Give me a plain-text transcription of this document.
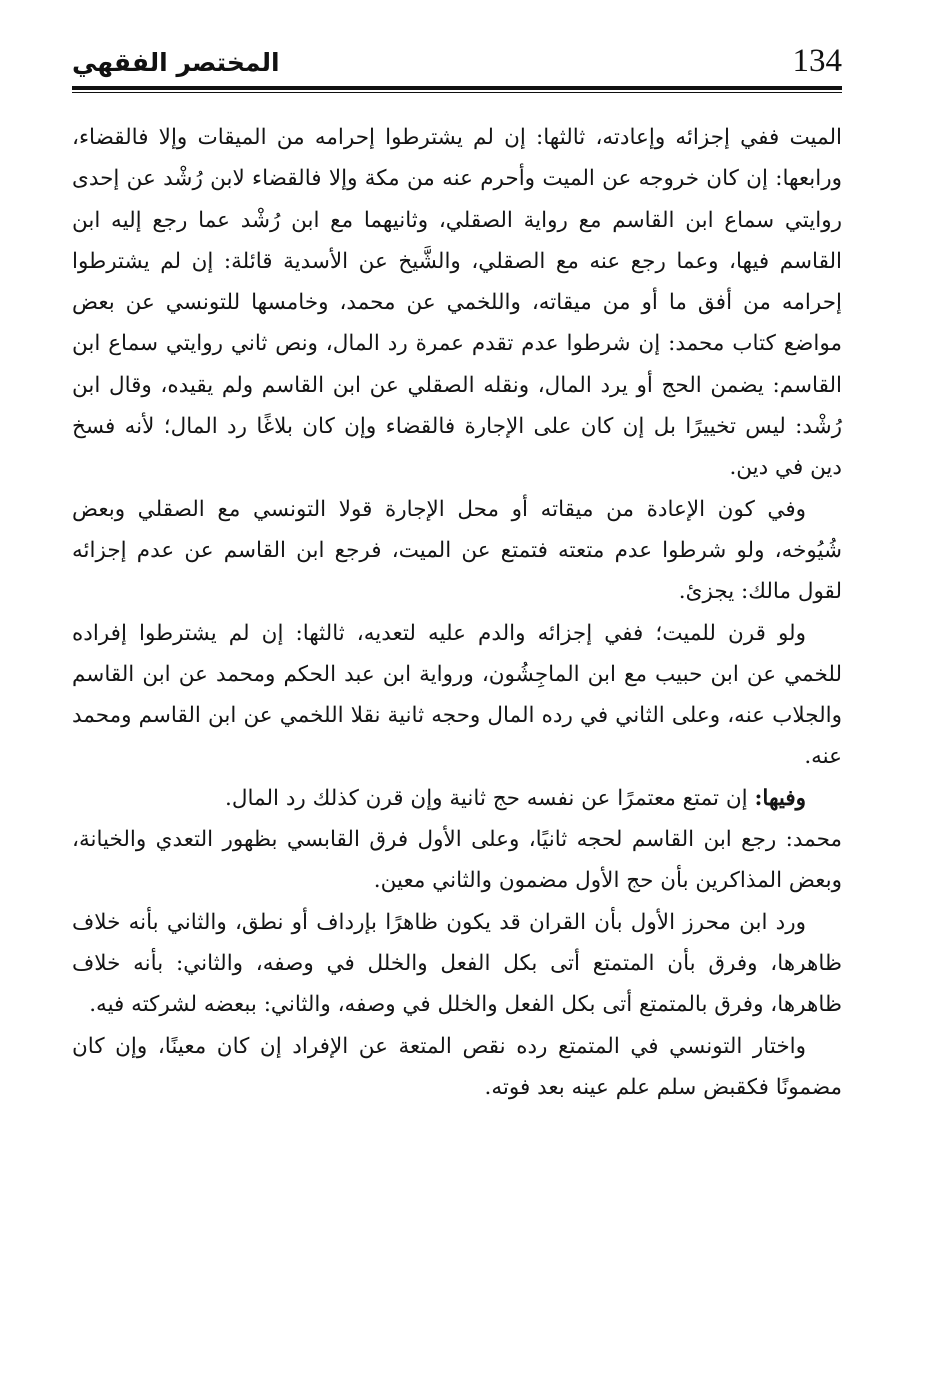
134
المختصر الفقهي

الميت ففي إجزائه وإعادته، ثالثها: إن لم يشترطوا إحرامه من الميقات وإلا فالقضاء، ورابعها: إن كان خروجه عن الميت وأحرم عنه من مكة وإلا فالقضاء لابن رُشْد عن إحدى روايتي سماع ابن القاسم مع رواية الصقلي، وثانيهما مع ابن رُشْد عما رجع إليه ابن القاسم فيها، وعما رجع عنه مع الصقلي، والشَّيخ عن الأسدية قائلة: إن لم يشترطوا إحرامه من أفق ما أو من ميقاته، واللخمي عن محمد، وخامسها للتونسي عن بعض مواضع كتاب محمد: إن شرطوا عدم تقدم عمرة رد المال، ونص ثاني روايتي سماع ابن القاسم: يضمن الحج أو يرد المال، ونقله الصقلي عن ابن القاسم ولم يقيده، وقال ابن رُشْد: ليس تخييرًا بل إن كان على الإجارة فالقضاء وإن كان بلاغًا رد المال؛ لأنه فسخ دين في دين.

وفي كون الإعادة من ميقاته أو محل الإجارة قولا التونسي مع الصقلي وبعض شُيُوخه، ولو شرطوا عدم متعته فتمتع عن الميت، فرجع ابن القاسم عن عدم إجزائه لقول مالك: يجزئ.

ولو قرن للميت؛ ففي إجزائه والدم عليه لتعديه، ثالثها: إن لم يشترطوا إفراده للخمي عن ابن حبيب مع ابن الماجِشُون، ورواية ابن عبد الحكم ومحمد عن ابن القاسم والجلاب عنه، وعلى الثاني في رده المال وحجه ثانية نقلا اللخمي عن ابن القاسم ومحمد عنه.

وفيها: إن تمتع معتمرًا عن نفسه حج ثانية وإن قرن كذلك رد المال.

محمد: رجع ابن القاسم لحجه ثانيًا، وعلى الأول فرق القابسي بظهور التعدي والخيانة، وبعض المذاكرين بأن حج الأول مضمون والثاني معين.

ورد ابن محرز الأول بأن القران قد يكون ظاهرًا بإرداف أو نطق، والثاني بأنه خلاف ظاهرها، وفرق بأن المتمتع أتى بكل الفعل والخلل في وصفه، والثاني: بأنه خلاف ظاهرها، وفرق بالمتمتع أتى بكل الفعل والخلل في وصفه، والثاني: ببعضه لشركته فيه.

واختار التونسي في المتمتع رده نقص المتعة عن الإفراد إن كان معينًا، وإن كان مضمونًا فكقبض سلم علم عينه بعد فوته.
